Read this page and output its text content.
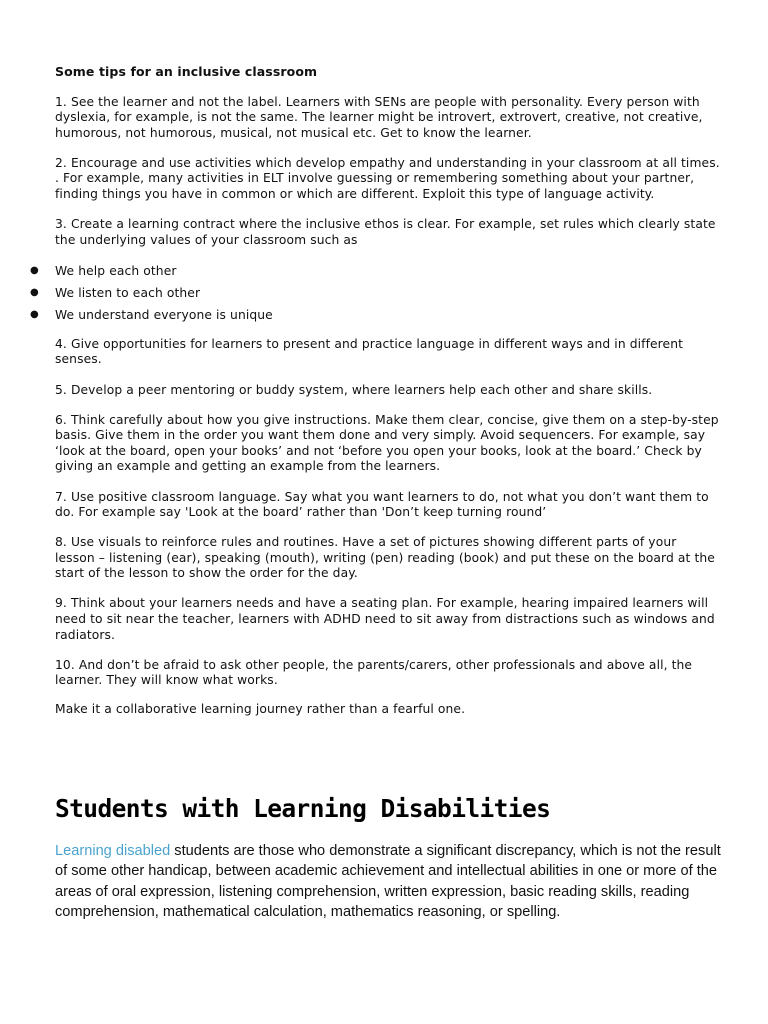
Some tips for an inclusive classroom

1. See the learner and not the label. Learners with SENs are people with personality. Every person with dyslexia, for example, is not the same. The learner might be introvert, extrovert, creative, not creative, humorous, not humorous, musical, not musical etc. Get to know the learner.

2. Encourage and use activities which develop empathy and understanding in your classroom at all times. . For example, many activities in ELT involve guessing or remembering something about your partner, finding things you have in common or which are different. Exploit this type of language activity.

3. Create a learning contract where the inclusive ethos is clear. For example, set rules which clearly state the underlying values of your classroom such as

● We help each other
● We listen to each other
● We understand everyone is unique

4. Give opportunities for learners to present and practice language in different ways and in different senses.

5. Develop a peer mentoring or buddy system, where learners help each other and share skills.

6. Think carefully about how you give instructions. Make them clear, concise, give them on a step-by-step basis. Give them in the order you want them done and very simply. Avoid sequencers. For example, say ‘look at the board, open your books’ and not ‘before you open your books, look at the board.’ Check by giving an example and getting an example from the learners.

7. Use positive classroom language. Say what you want learners to do, not what you don’t want them to do. For example say 'Look at the board’ rather than 'Don’t keep turning round’

8. Use visuals to reinforce rules and routines. Have a set of pictures showing different parts of your lesson – listening (ear), speaking (mouth), writing (pen) reading (book) and put these on the board at the start of the lesson to show the order for the day.

9. Think about your learners needs and have a seating plan. For example, hearing impaired learners will need to sit near the teacher, learners with ADHD need to sit away from distractions such as windows and radiators.

10. And don’t be afraid to ask other people, the parents/carers, other professionals and above all, the learner. They will know what works.

Make it a collaborative learning journey rather than a fearful one.

Students with Learning Disabilities

Learning disabled students are those who demonstrate a significant discrepancy, which is not the result of some other handicap, between academic achievement and intellectual abilities in one or more of the areas of oral expression, listening comprehension, written expression, basic reading skills, reading comprehension, mathematical calculation, mathematics reasoning, or spelling.
